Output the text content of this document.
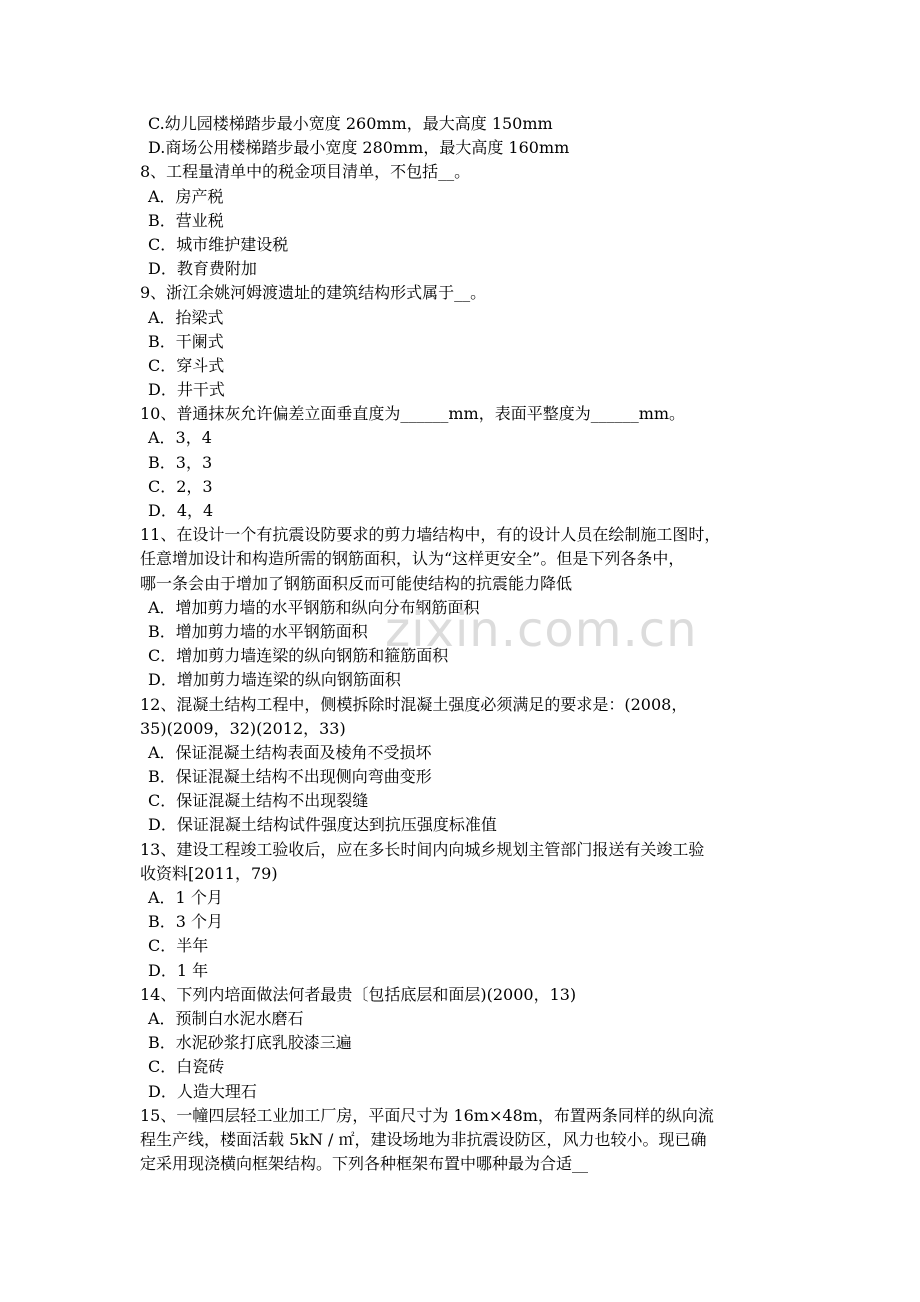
C.幼儿园楼梯踏步最小宽度 260mm，最大高度 150mm
D.商场公用楼梯踏步最小宽度 280mm，最大高度 160mm
8、工程量清单中的税金项目清单，不包括__。
A．房产税
B．营业税
C．城市维护建设税
D．教育费附加
9、浙江余姚河姆渡遗址的建筑结构形式属于__。
A．抬梁式
B．干阑式
C．穿斗式
D．井干式
10、普通抹灰允许偏差立面垂直度为______mm，表面平整度为______mm。
A．3，4
B．3，3
C．2，3
D．4，4
11、在设计一个有抗震设防要求的剪力墙结构中，有的设计人员在绘制施工图时，
任意增加设计和构造所需的钢筋面积，认为“这样更安全”。但是下列各条中，
哪一条会由于增加了钢筋面积反而可能使结构的抗震能力降低
A．增加剪力墙的水平钢筋和纵向分布钢筋面积
B．增加剪力墙的水平钢筋面积
C．增加剪力墙连梁的纵向钢筋和箍筋面积
D．增加剪力墙连梁的纵向钢筋面积
12、混凝土结构工程中，侧模拆除时混凝土强度必须满足的要求是：(2008，
35)(2009，32)(2012，33)
A．保证混凝土结构表面及棱角不受损坏
B．保证混凝土结构不出现侧向弯曲变形
C．保证混凝土结构不出现裂缝
D．保证混凝土结构试件强度达到抗压强度标准值
13、建设工程竣工验收后，应在多长时间内向城乡规划主管部门报送有关竣工验
收资料[2011，79)
A．1 个月
B．3 个月
C．半年
D．1 年
14、下列内培面做法何者最贵〔包括底层和面层)(2000，13)
A．预制白水泥水磨石
B．水泥砂浆打底乳胶漆三遍
C．白瓷砖
D．人造大理石
15、一幢四层轻工业加工厂房，平面尺寸为 16m×48m，布置两条同样的纵向流
程生产线，楼面活载 5kN / ㎡，建设场地为非抗震设防区，风力也较小。现已确
定采用现浇横向框架结构。下列各种框架布置中哪种最为合适__
zixin.com.cn
